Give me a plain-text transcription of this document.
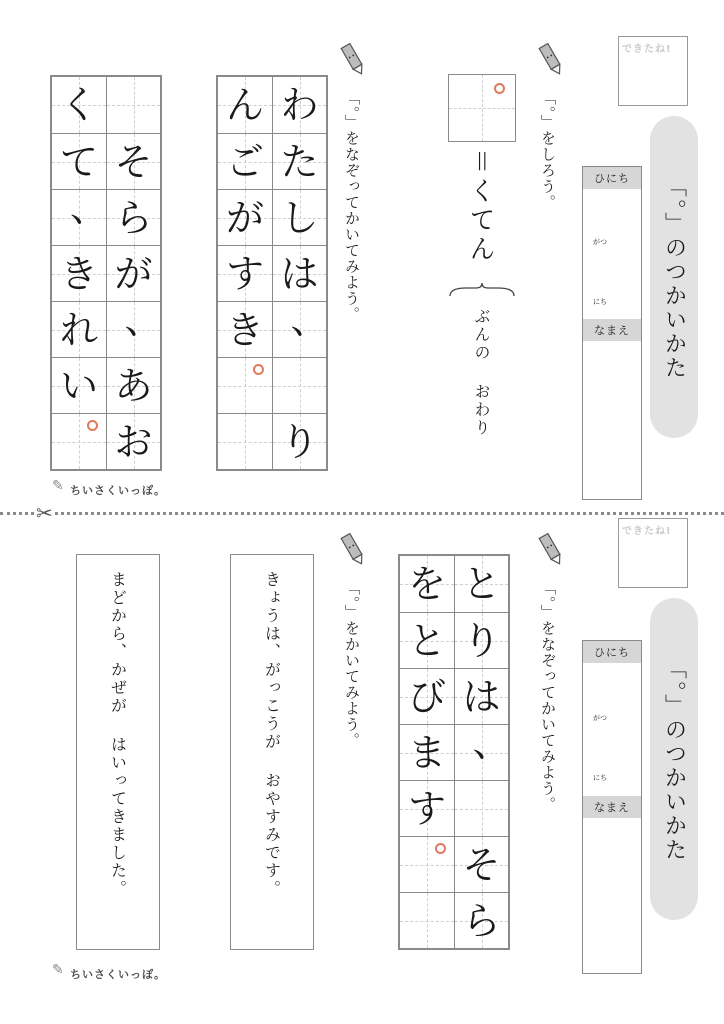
できたね!
「。」のつかいかた
ひにち
がつ
にち
なまえ
「。」をしろう。
＝くてん
ぶんの おわり
「。」をなぞってかいてみよう。
わ
た
し
は
、
り
ん
ご
が
す
き
そ
ら
が
、
あ
お
く
て
、
き
れ
い
✎ ちいさくいっぽ。
✂
できたね!
「。」のつかいかた
ひにち
がつ
にち
なまえ
「。」をなぞってかいてみよう。
「。」をかいてみよう。	と
り
は
、
そ
ら
を
と
び
ま
す
きょうは、がっこうが おやすみです。
まどから、かぜが はいってきました。
✎ ちいさくいっぽ。
